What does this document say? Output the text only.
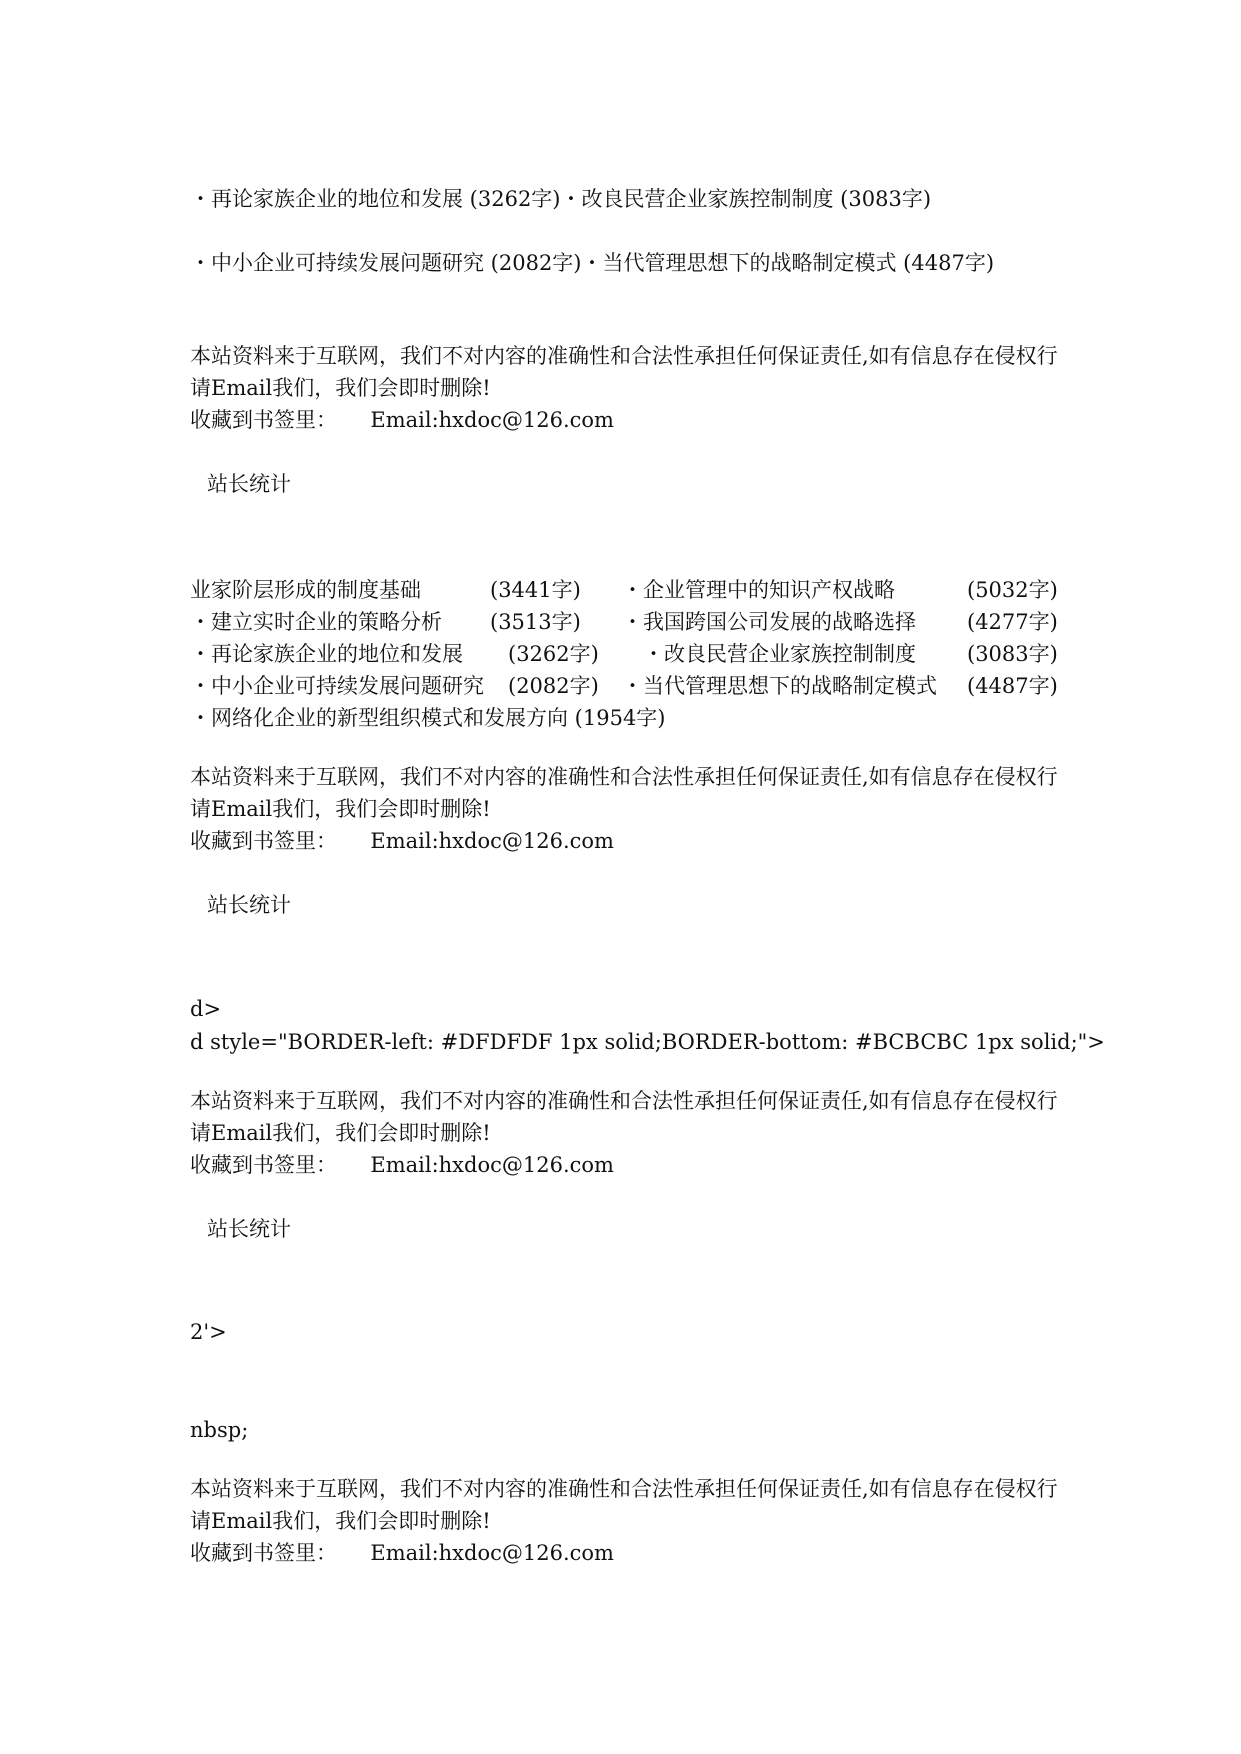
・再论家族企业的地位和发展 (3262字)・改良民营企业家族控制制度 (3083字)
・中小企业可持续发展问题研究 (2082字)・当代管理思想下的战略制定模式 (4487字)
本站资料来于互联网，我们不对内容的准确性和合法性承担任何保证责任,如有信息存在侵权行请Email我们，我们会即时删除!
收藏到书签里： Email:hxdoc@126.com
站长统计
业家阶层形成的制度基础	(3441字) ・企业管理中的知识产权战略	(5032字)
・建立实时企业的策略分析 (3513字) ・我国跨国公司发展的战略选择 (4277字)
・再论家族企业的地位和发展 (3262字) ・改良民营企业家族控制制度 (3083字)
・中小企业可持续发展问题研究 (2082字) ・当代管理思想下的战略制定模式 (4487字)
・网络化企业的新型组织模式和发展方向 (1954字)
本站资料来于互联网，我们不对内容的准确性和合法性承担任何保证责任,如有信息存在侵权行请Email我们，我们会即时删除!
收藏到书签里： Email:hxdoc@126.com
站长统计
d>
d style="BORDER-left: #DFDFDF 1px solid;BORDER-bottom: #BCBCBC 1px solid;">
本站资料来于互联网，我们不对内容的准确性和合法性承担任何保证责任,如有信息存在侵权行请Email我们，我们会即时删除!
收藏到书签里： Email:hxdoc@126.com
站长统计
2'>
nbsp;
本站资料来于互联网，我们不对内容的准确性和合法性承担任何保证责任,如有信息存在侵权行请Email我们，我们会即时删除!
收藏到书签里： Email:hxdoc@126.com
